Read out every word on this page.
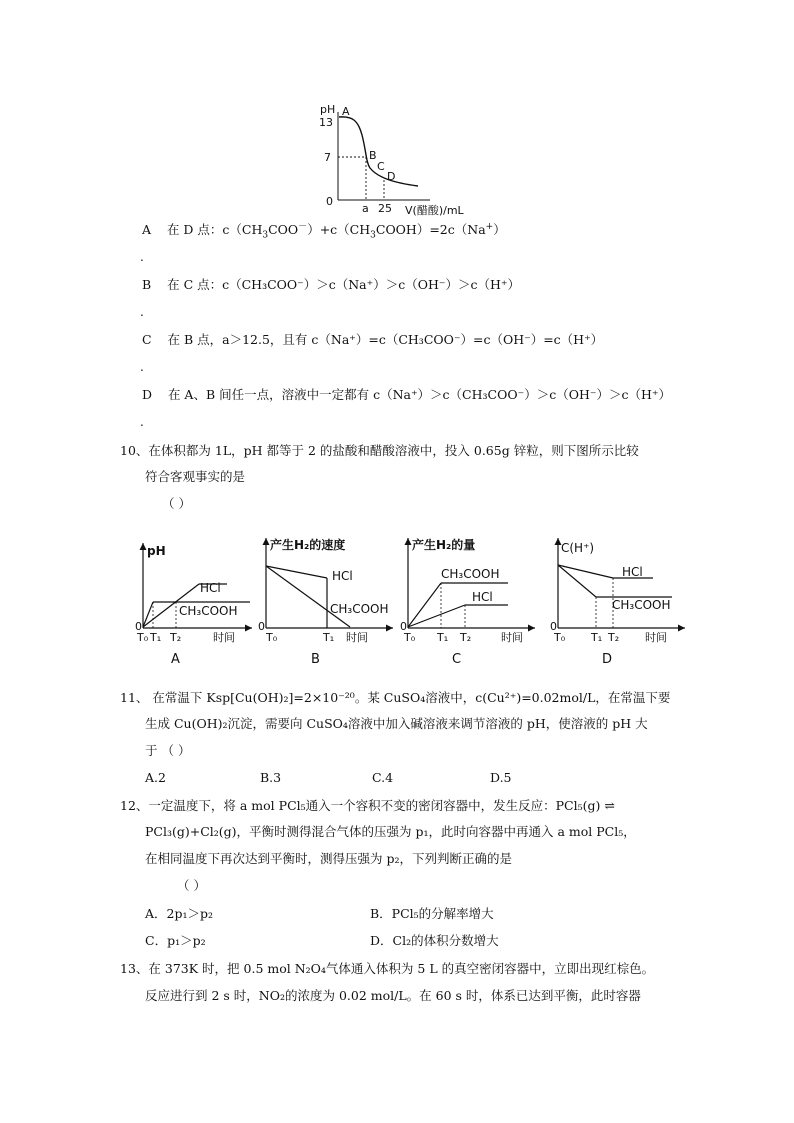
pH A
13
7
0
B
C
D
a 25 V(醋酸)/mL
A 在 D 点：$c(CH_3COO^-)+c(CH_3COOH)=2c(Na^+)$
.
B 在 C 点：c（CH₃COO⁻）＞c（Na⁺）＞c（OH⁻）＞c（H⁺）
.
C 在 B 点，a＞12.5，且有 c（Na⁺）=c（CH₃COO⁻）=c（OH⁻）=c（H⁺）
.
D 在 A、B 间任一点，溶液中一定都有 c（Na⁺）＞c（CH₃COO⁻）＞c（OH⁻）＞c（H⁺）
.
10、在体积都为 1L，pH 都等于 2 的盐酸和醋酸溶液中，投入 0.65g 锌粒，则下图所示比较
符合客观事实的是
（ ）
pH
HCl
CH₃COOH
0
T₀ T₁ T₂	时间
A
产生H₂的速度
HCl
CH₃COOH
0
T₀	T₁ 时间
B
产生H₂的量
CH₃COOH
HCl
0
T₀ T₁ T₂	时间
C
C(H⁺)
HCl
CH₃COOH
0
T₀ T₁ T₂ 时间
D
11、 在常温下 Ksp[Cu(OH)₂]=2×10⁻²⁰。某 CuSO₄溶液中，c(Cu²⁺)=0.02mol/L，在常温下要
生成 Cu(OH)₂沉淀，需要向 CuSO₄溶液中加入碱溶液来调节溶液的 pH，使溶液的 pH 大
于 （ ）
A.2	B.3	C.4	D.5
12、一定温度下，将 a mol PCl₅通入一个容积不变的密闭容器中，发生反应：PCl₅(g) ⇌
PCl₃(g)+Cl₂(g)，平衡时测得混合气体的压强为 p₁，此时向容器中再通入 a mol PCl₅，
在相同温度下再次达到平衡时，测得压强为 p₂，下列判断正确的是
（ ）
A．2p₁＞p₂	B．PCl₅的分解率增大
C．p₁＞p₂	D．Cl₂的体积分数增大
13、在 373K 时，把 0.5 mol N₂O₄气体通入体积为 5 L 的真空密闭容器中，立即出现红棕色。
反应进行到 2 s 时，NO₂的浓度为 0.02 mol/L。在 60 s 时，体系已达到平衡，此时容器
